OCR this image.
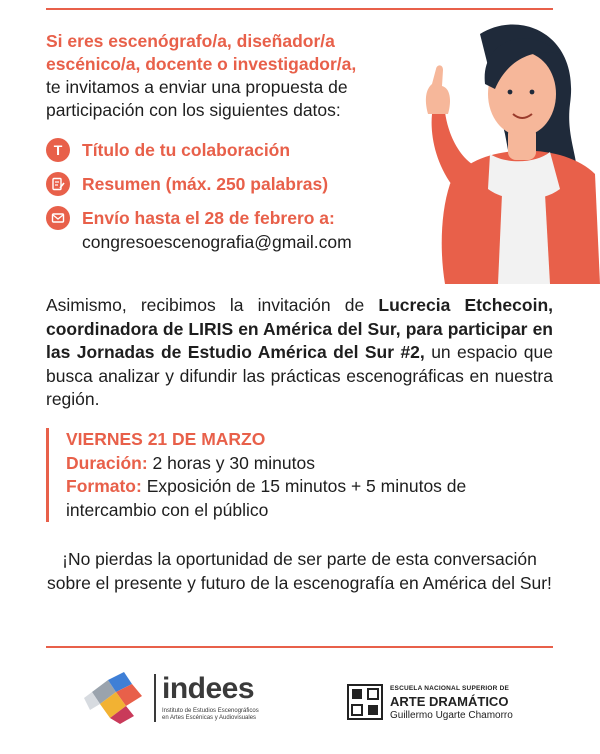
Si eres escenógrafo/a, diseñador/a
escénico/a, docente o investigador/a,
te invitamos a enviar una propuesta de participación con los siguientes datos:
T	Título de tu colaboración
Resumen (máx. 250 palabras)
Envío hasta el 28 de febrero a:
congresoescenografia@gmail.com
Asimismo, recibimos la invitación de Lucrecia Etchecoin, coordinadora de LIRIS en América del Sur, para participar en las Jornadas de Estudio América del Sur #2, un espacio que busca analizar y difundir las prácticas escenográficas en nuestra región.
VIERNES 21 DE MARZO
Duración: 2 horas y 30 minutos
Formato: Exposición de 15 minutos + 5 minutos de intercambio con el público
¡No pierdas la oportunidad de ser parte de esta conversación sobre el presente y futuro de la escenografía en América del Sur!
indees
Instituto de Estudios Escenográficos en Artes Escénicas y Audiovisuales
ESCUELA NACIONAL SUPERIOR DE
ARTE DRAMÁTICO
Guillermo Ugarte Chamorro
